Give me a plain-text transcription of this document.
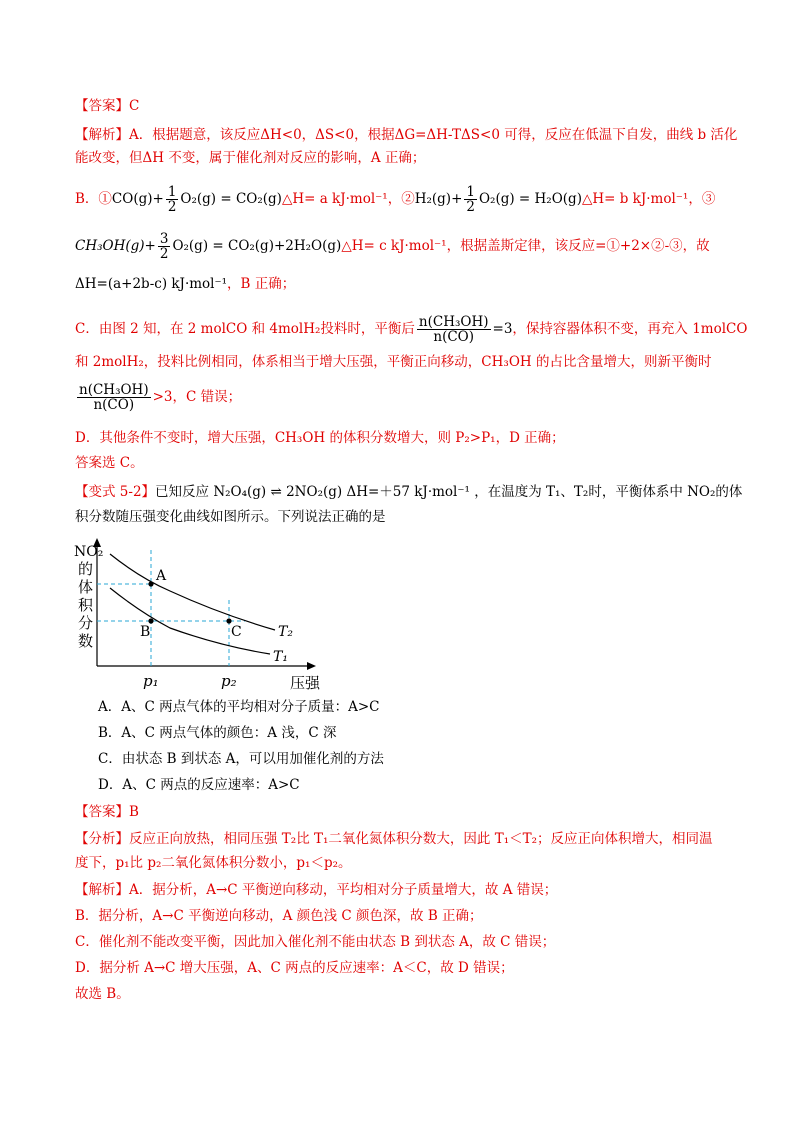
【答案】C
【解析】A．根据题意，该反应ΔH<0，ΔS<0，根据ΔG=ΔH-TΔS<0 可得，反应在低温下自发，曲线 b 活化
能改变，但ΔH 不变，属于催化剂对反应的影响，A 正确；
B．①CO(g)+ $\frac{1}{2} O_2(g)$ = CO₂(g)△H= a kJ·mol⁻¹，②H₂(g)+ $\frac{1}{2} O_2(g)$ = H₂O(g)△H= b kJ·mol⁻¹，③
$CH_3OH(g)+ \frac{3}{2} O_2(g)$ = CO₂(g)+2H₂O(g)△H= c kJ·mol⁻¹，根据盖斯定律，该反应=①+2×②-③，故
ΔH=(a+2b-c) kJ·mol⁻¹，B 正确；
C．由图 2 知，在 2 molCO 和 4molH₂投料时，平衡后 $\frac{\text{n(CH₃OH)}}{n(CO)} =3$，保持容器体积不变，再充入 1molCO
和 2molH₂，投料比例相同，体系相当于增大压强，平衡正向移动，CH₃OH 的占比含量增大，则新平衡时
$\frac{\text{n(CH₃OH)}}{n(CO)} >3$，C 错误；
D．其他条件不变时，增大压强，CH₃OH 的体积分数增大，则 P₂>P₁，D 正确；
答案选 C。
【变式 5-2】已知反应 N₂O₄(g) ⇌ 2NO₂(g) ΔH=＋57 kJ·mol⁻¹ ，在温度为 T₁、T₂时，平衡体系中 NO₂的体
积分数随压强变化曲线如图所示。下列说法正确的是
A
B	C	T₂
T₁
NO₂
的
体
积
分
数
p₁	p₂	压强
A．A、C 两点气体的平均相对分子质量：A>C
B．A、C 两点气体的颜色：A 浅，C 深
C．由状态 B 到状态 A，可以用加催化剂的方法
D．A、C 两点的反应速率：A>C
【答案】B
【分析】反应正向放热，相同压强 T₂比 T₁二氧化氮体积分数大，因此 T₁＜T₂；反应正向体积增大，相同温
度下，p₁比 p₂二氧化氮体积分数小，p₁＜p₂。
【解析】A．据分析，A→C 平衡逆向移动，平均相对分子质量增大，故 A 错误；
B．据分析，A→C 平衡逆向移动，A 颜色浅 C 颜色深，故 B 正确；
C．催化剂不能改变平衡，因此加入催化剂不能由状态 B 到状态 A，故 C 错误；
D．据分析 A→C 增大压强，A、C 两点的反应速率：A＜C，故 D 错误；
故选 B。
